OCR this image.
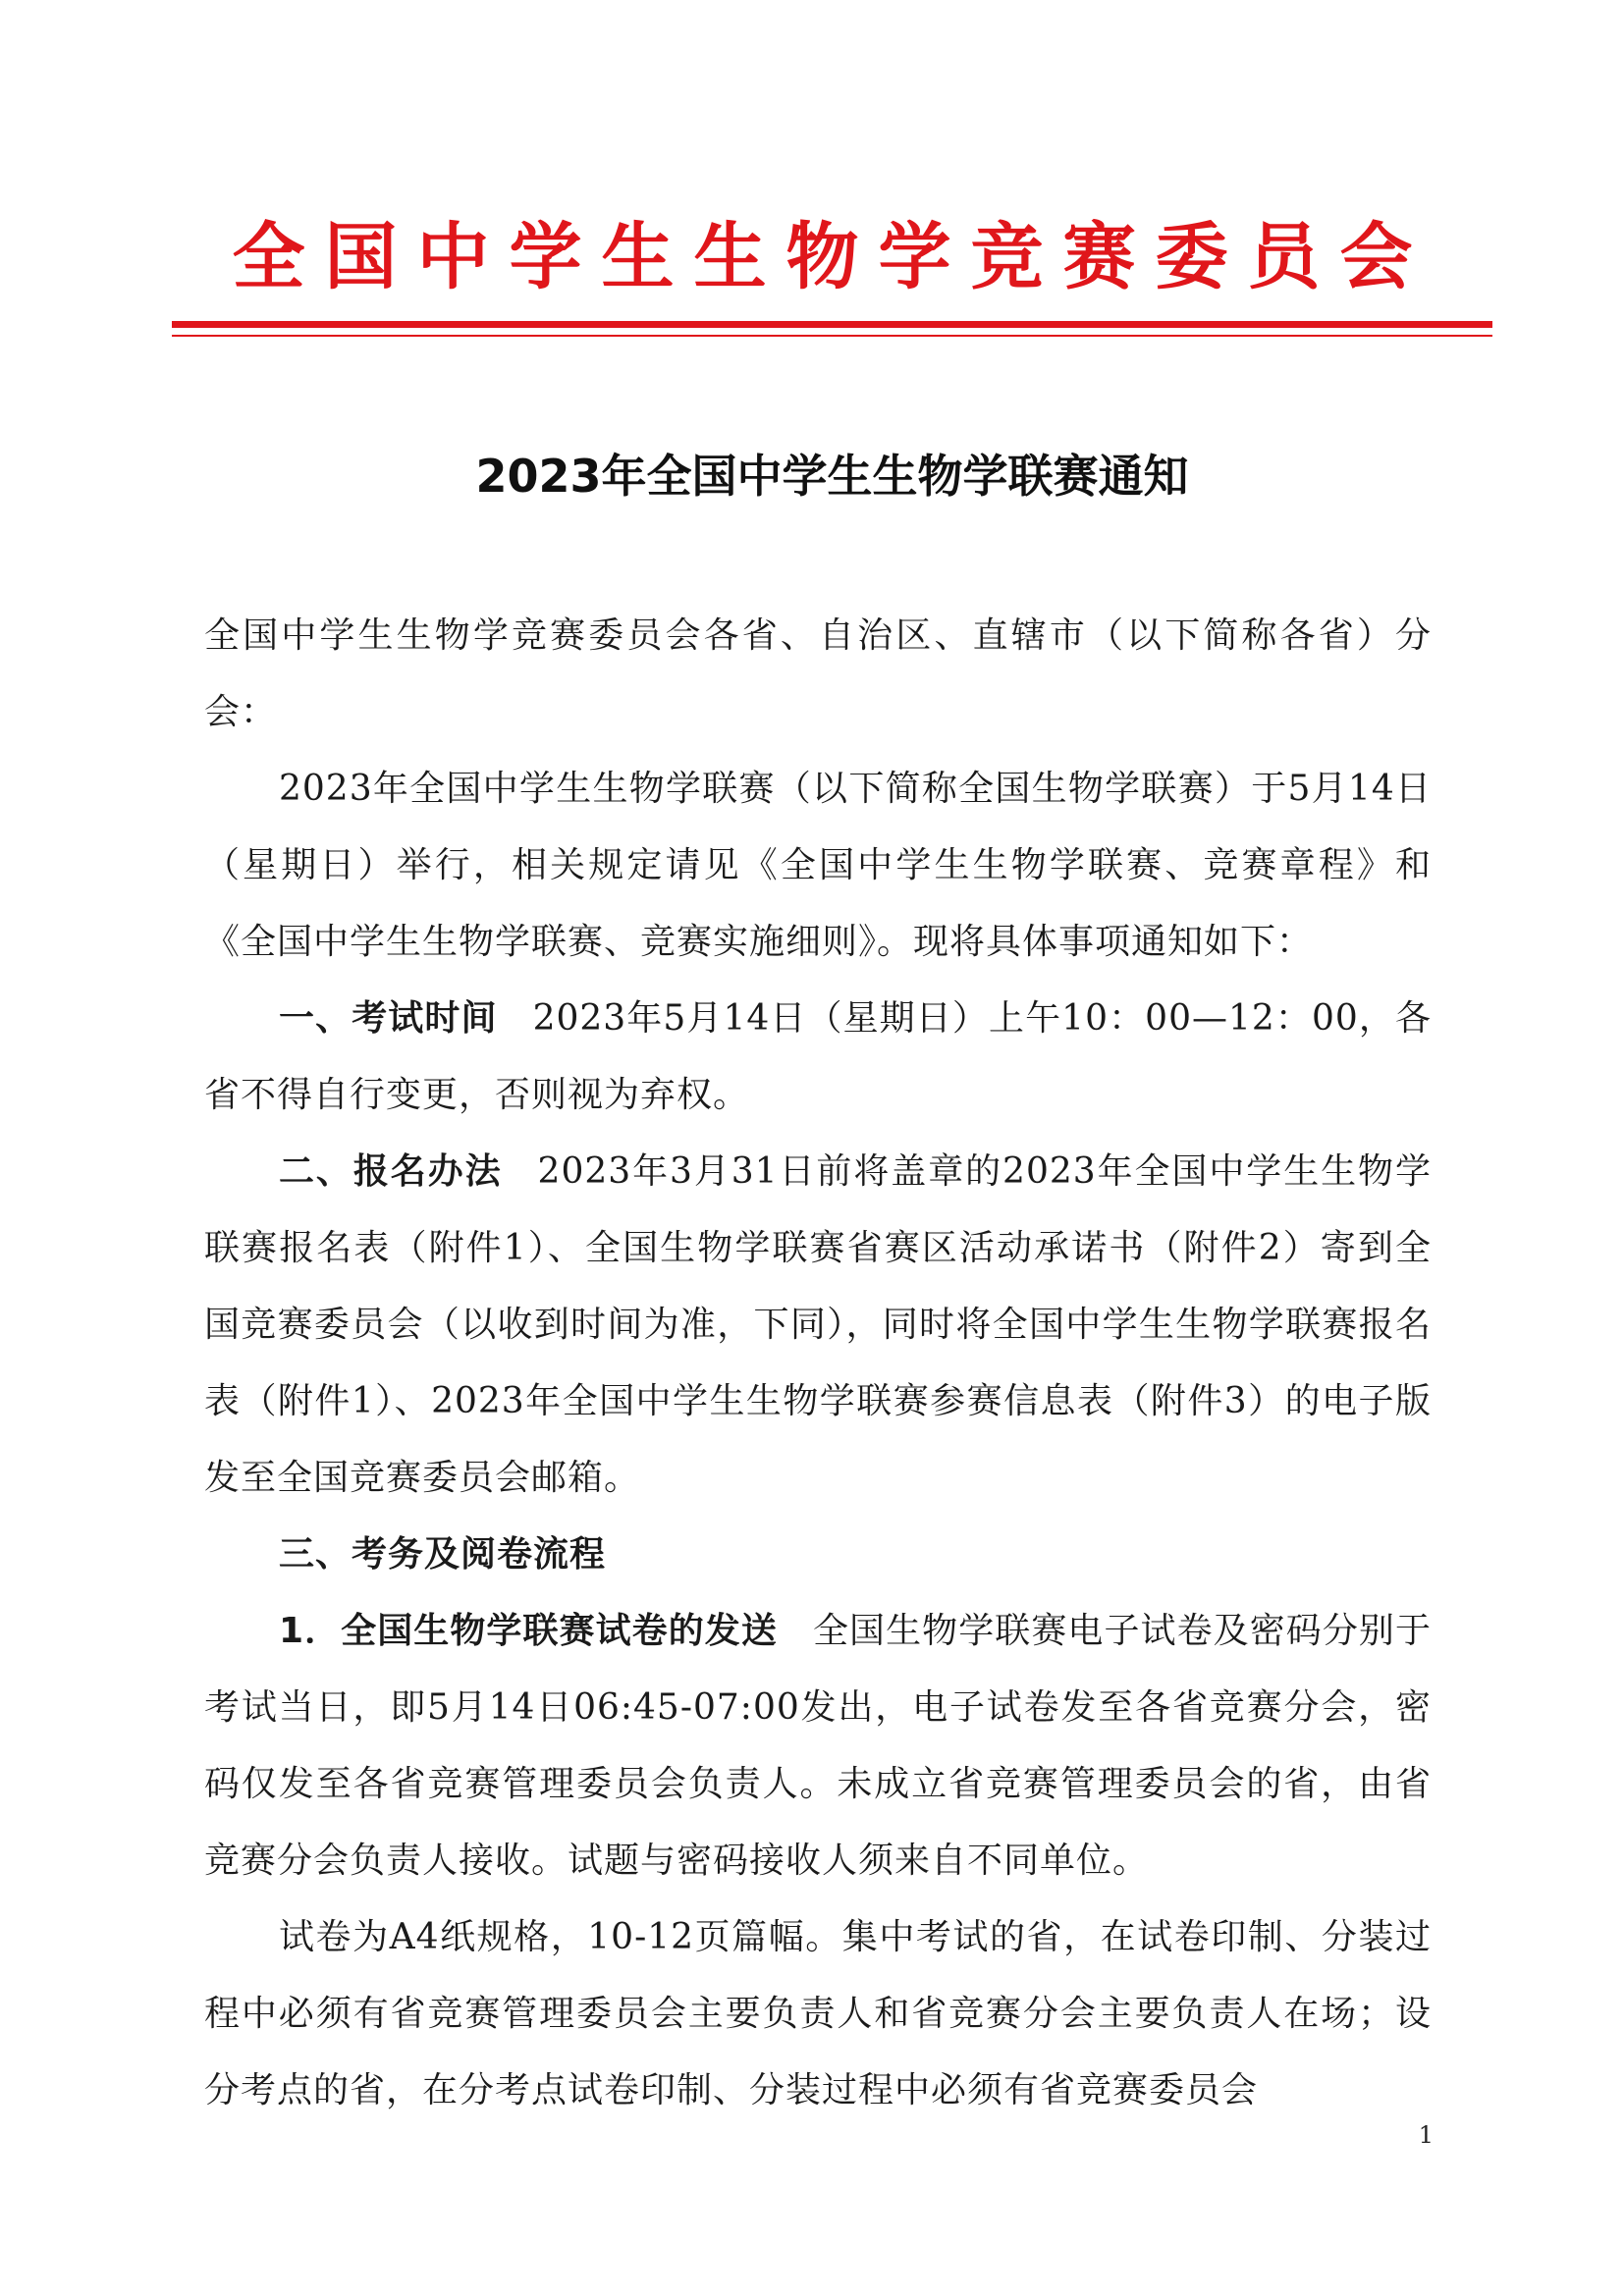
全国中学生生物学竞赛委员会
2023年全国中学生生物学联赛通知

全国中学生生物学竞赛委员会各省、自治区、直辖市（以下简称各省）分会：

2023年全国中学生生物学联赛（以下简称全国生物学联赛）于5月14日（星期日）举行，相关规定请见《全国中学生生物学联赛、竞赛章程》和《全国中学生生物学联赛、竞赛实施细则》。现将具体事项通知如下：

一、考试时间 2023年5月14日（星期日）上午10：00—12：00，各省不得自行变更，否则视为弃权。

二、报名办法 2023年3月31日前将盖章的2023年全国中学生生物学联赛报名表（附件1）、全国生物学联赛省赛区活动承诺书（附件2）寄到全国竞赛委员会（以收到时间为准，下同），同时将全国中学生生物学联赛报名表（附件1）、2023年全国中学生生物学联赛参赛信息表（附件3）的电子版发至全国竞赛委员会邮箱。

三、考务及阅卷流程

1．全国生物学联赛试卷的发送 全国生物学联赛电子试卷及密码分别于考试当日，即5月14日06:45-07:00发出，电子试卷发至各省竞赛分会，密码仅发至各省竞赛管理委员会负责人。未成立省竞赛管理委员会的省，由省竞赛分会负责人接收。试题与密码接收人须来自不同单位。

试卷为A4纸规格，10-12页篇幅。集中考试的省，在试卷印制、分装过程中必须有省竞赛管理委员会主要负责人和省竞赛分会主要负责人在场；设分考点的省，在分考点试卷印制、分装过程中必须有省竞赛委员会

1
